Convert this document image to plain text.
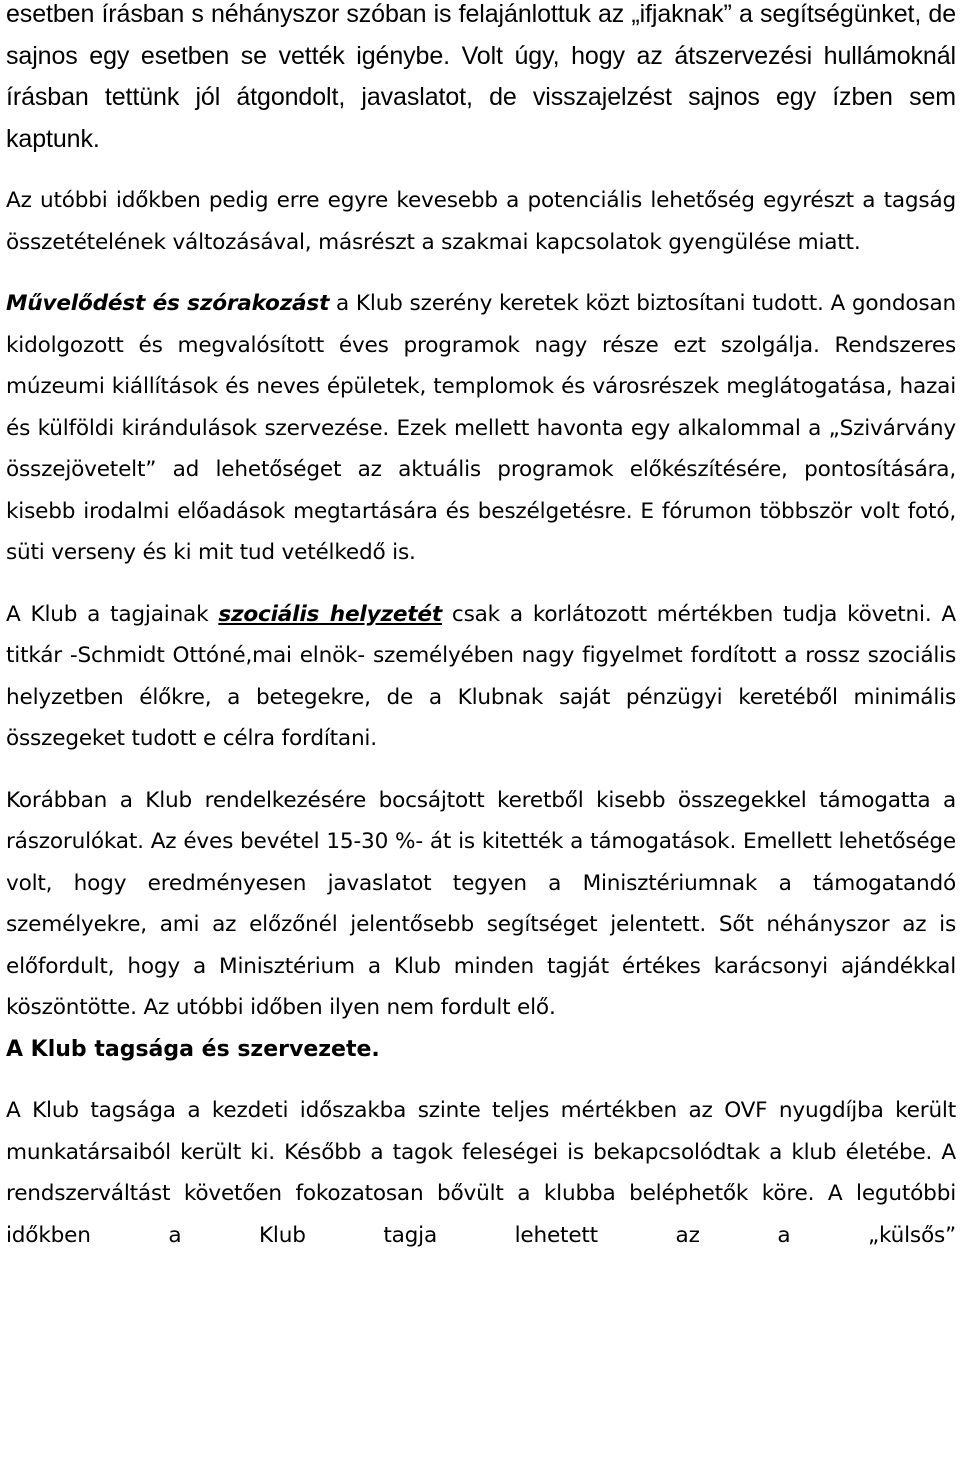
esetben írásban s néhányszor szóban is felajánlottuk az „ifjaknak” a segítségünket, de sajnos egy esetben se vették igénybe. Volt úgy, hogy az átszervezési hullámoknál írásban tettünk jól átgondolt, javaslatot, de visszajelzést sajnos egy ízben sem kaptunk.

Az utóbbi időkben pedig erre egyre kevesebb a potenciális lehetőség egyrészt a tagság összetételének változásával, másrészt a szakmai kapcsolatok gyengülése miatt.

Művelődést és szórakozást a Klub szerény keretek közt biztosítani tudott. A gondosan kidolgozott és megvalósított éves programok nagy része ezt szolgálja. Rendszeres múzeumi kiállítások és neves épületek, templomok és városrészek meglátogatása, hazai és külföldi kirándulások szervezése. Ezek mellett havonta egy alkalommal a „Szivárvány összejövetelt” ad lehetőséget az aktuális programok előkészítésére, pontosítására, kisebb irodalmi előadások megtartására és beszélgetésre. E fórumon többször volt fotó, süti verseny és ki mit tud vetélkedő is.

A Klub a tagjainak szociális helyzetét csak a korlátozott mértékben tudja követni. A titkár -Schmidt Ottóné,mai elnök- személyében nagy figyelmet fordított a rossz szociális helyzetben élőkre, a betegekre, de a Klubnak saját pénzügyi keretéből minimális összegeket tudott e célra fordítani.

Korábban a Klub rendelkezésére bocsájtott keretből kisebb összegekkel támogatta a rászorulókat. Az éves bevétel 15-30 %- át is kitették a támogatások. Emellett lehetősége volt, hogy eredményesen javaslatot tegyen a Minisztériumnak a támogatandó személyekre, ami az előzőnél jelentősebb segítséget jelentett. Sőt néhányszor az is előfordult, hogy a Minisztérium a Klub minden tagját értékes karácsonyi ajándékkal köszöntötte. Az utóbbi időben ilyen nem fordult elő.

A Klub tagsága és szervezete.

A Klub tagsága a kezdeti időszakba szinte teljes mértékben az OVF nyugdíjba került munkatársaiból került ki. Később a tagok feleségei is bekapcsolódtak a klub életébe. A rendszerváltást követően fokozatosan bővült a klubba beléphetők köre. A legutóbbi időkben a Klub tagja lehetett az a „külsős”
